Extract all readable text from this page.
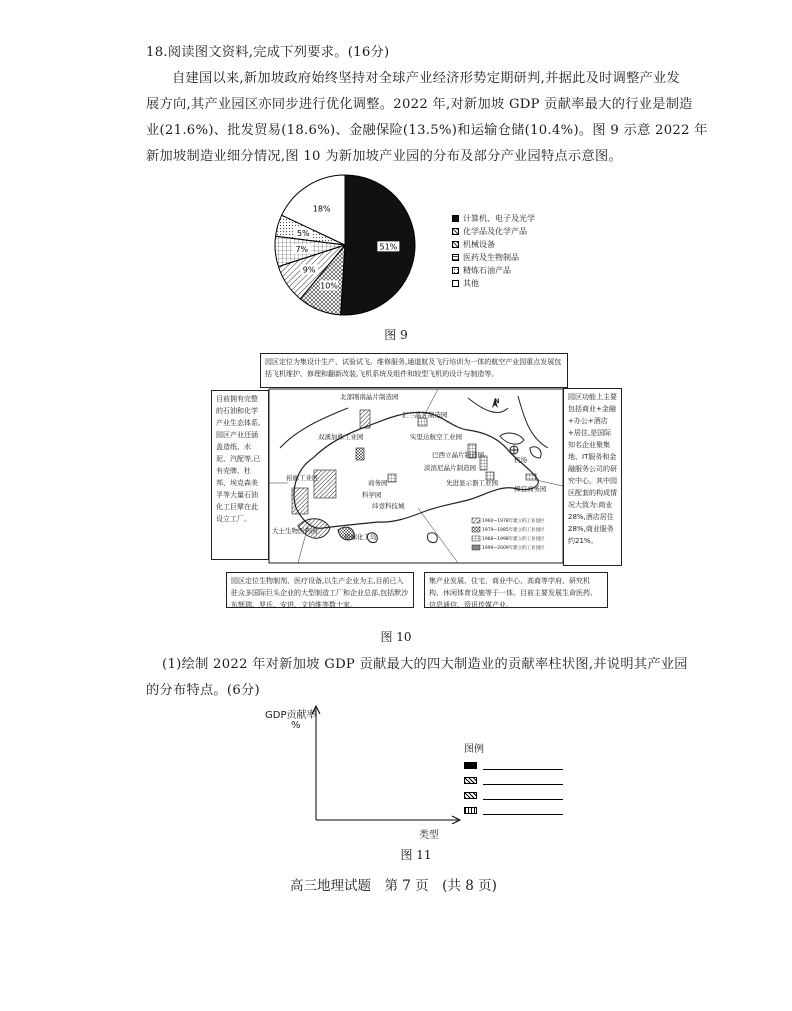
18.阅读图文资料,完成下列要求。(16分)
自建国以来,新加坡政府始终坚持对全球产业经济形势定期研判,并据此及时调整产业发
展方向,其产业园区亦同步进行优化调整。2022 年,对新加坡 GDP 贡献率最大的行业是制造
业(21.6%)、批发贸易(18.6%)、金融保险(13.5%)和运输仓储(10.4%)。图 9 示意 2022 年
新加坡制造业细分情况,图 10 为新加坡产业园的分布及部分产业园特点示意图。
51%
10%
9%
7%
5%
18%
计算机、电子及光学
化学品及化学产品
机械设备
医药及生物制品
精炼石油产品
其他
图 9
园区定位为集设计生产、试验试飞、维修服务,通道航及飞行培训为一体的航空产业园重点发展包括飞机维护、修理和翻新改装,飞机系统及组件和较型飞机的设计与制造等。
目前拥有完整的石油和化学产业生态体系,园区产业还涵盖造纸、水泥、汽配等,已有壳牌、杜邦、埃克森美孚等大量石油化工巨擘在此设立工厂。
园区功能上主要包括商业+金融+办公+酒店+居住,是国际知名企业聚集地、IT服务和金融服务公司的研究中心。其中园区配套的构成情况大致为:商业28%,酒店居住28%,商业服务约21%。
N
北部刚南晶片制造园
汇兰晶片制造园
双溪加株工业园	实里达航空工业园
巴西立晶片制造园
机场
淡滨尼晶片制造园
裕廊工业区
商务园
科学园
纬壹科技城
先进显示器工业园
樟宜商务园
大士生物医药园
裕廊化工岛
1960~1978年建立的工业园区
1979~1985年建立的工业园区
1986~1998年建立的工业园区
1999~2009年建立的工业园区
园区定位生物制剂、医疗设备,以生产企业为主,目前已入驻众多国际巨头企业的大型制造工厂和企业总部,包括默沙东辉瑞、罗氏、安进、文伯维等数十家。
集产业发展、住宅、商业中心、高商等学府、研究机构、休闲体育设施等于一体。目前主要发展生命医药、信息通信、资讯传媒产业。
图 10
(1)绘制 2022 年对新加坡 GDP 贡献最大的四大制造业的贡献率柱状图,并说明其产业园
的分布特点。(6分)
GDP贡献率
%
类型
图例
图 11
高三地理试题　第 7 页　(共 8 页)
